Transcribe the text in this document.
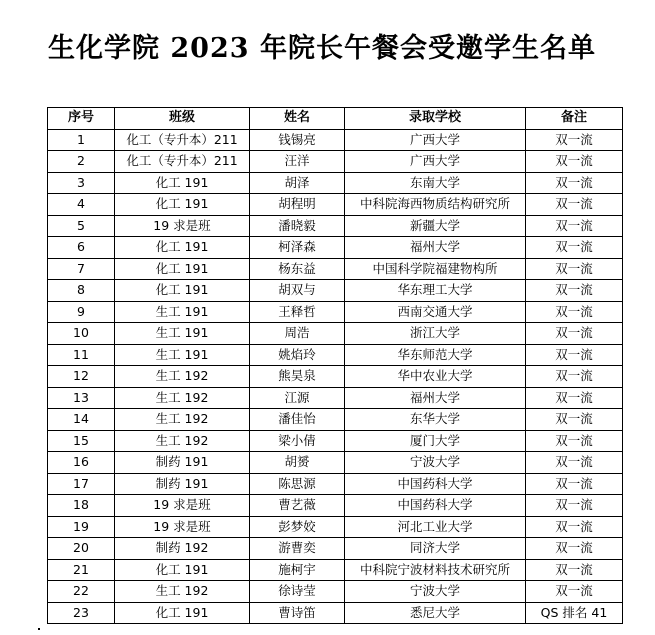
生化学院 2023 年院长午餐会受邀学生名单
序号	班级	姓名	录取学校	备注
1	化工（专升本）211	钱锡亮	广西大学	双一流
2	化工（专升本）211	汪洋	广西大学	双一流
3	化工 191	胡泽	东南大学	双一流
4	化工 191	胡程明	中科院海西物质结构研究所	双一流
5	19 求是班	潘晓毅	新疆大学	双一流
6	化工 191	柯泽森	福州大学	双一流
7	化工 191	杨东益	中国科学院福建物构所	双一流
8	化工 191	胡双与	华东理工大学	双一流
9	生工 191	王释哲	西南交通大学	双一流
10	生工 191	周浩	浙江大学	双一流
11	生工 191	姚焰玲	华东师范大学	双一流
12	生工 192	熊昊泉	华中农业大学	双一流
13	生工 192	江源	福州大学	双一流
14	生工 192	潘佳怡	东华大学	双一流
15	生工 192	梁小倩	厦门大学	双一流
16	制药 191	胡赟	宁波大学	双一流
17	制药 191	陈思源	中国药科大学	双一流
18	19 求是班	曹艺薇	中国药科大学	双一流
19	19 求是班	彭梦姣	河北工业大学	双一流
20	制药 192	游曹奕	同济大学	双一流
21	化工 191	施柯宇	中科院宁波材料技术研究所	双一流
22	生工 192	徐诗莹	宁波大学	双一流
23	化工 191	曹诗笛	悉尼大学	QS 排名 41
